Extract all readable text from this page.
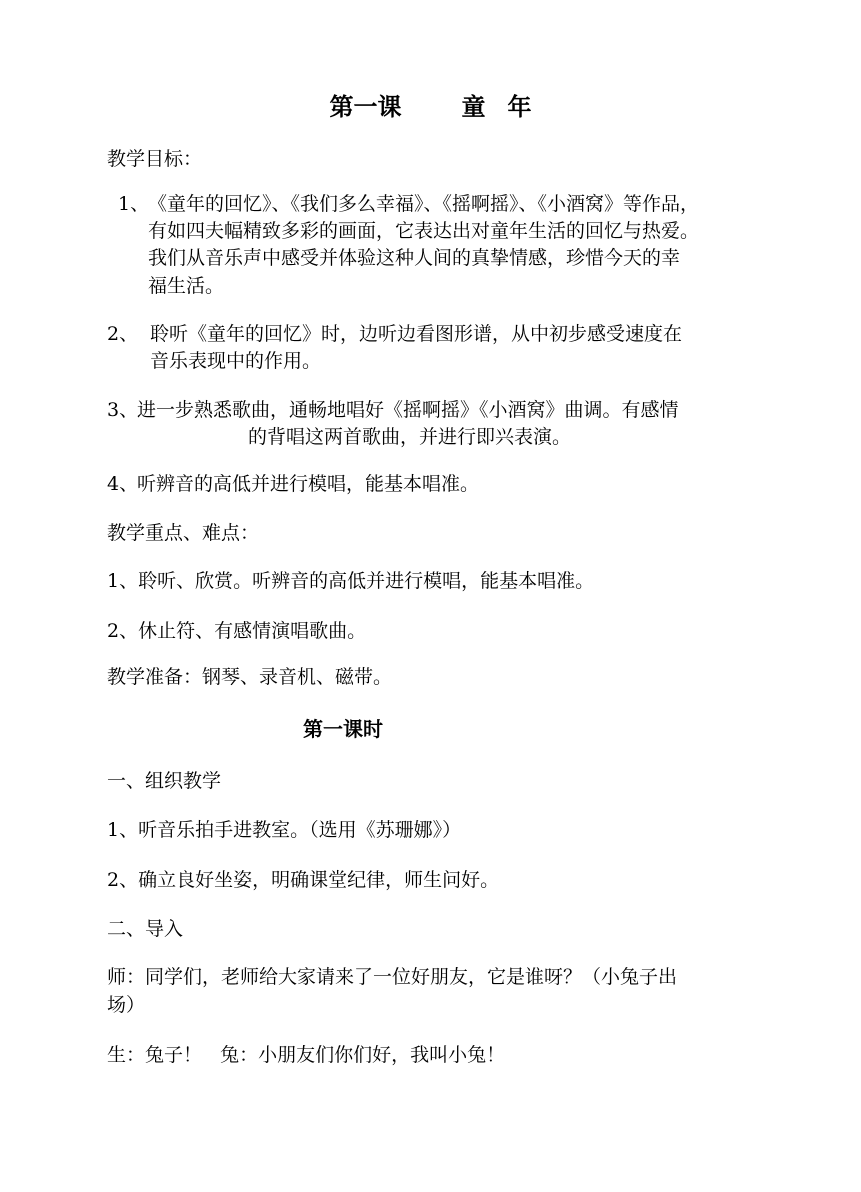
第一课	童 年
教学目标：
1、
《童年的回忆》、《我们多么幸福》、《摇啊摇》、《小酒窝》等作品，
有如四夫幅精致多彩的画面，它表达出对童年生活的回忆与热爱。
我们从音乐声中感受并体验这种人间的真挚情感，珍惜今天的幸
福生活。
2、 聆听《童年的回忆》时，边听边看图形谱，从中初步感受速度在
音乐表现中的作用。
3、
进一步熟悉歌曲，通畅地唱好《摇啊摇》《小酒窝》曲调。有感情
的背唱这两首歌曲，并进行即兴表演。
4、
听辨音的高低并进行模唱，能基本唱准。
教学重点、难点：
1、聆听、欣赏。听辨音的高低并进行模唱，能基本唱准。
2、休止符、有感情演唱歌曲。
教学准备：钢琴、录音机、磁带。
第一课时
一、组织教学
1、听音乐拍手进教室。（选用《苏珊娜》）
2、确立良好坐姿，明确课堂纪律，师生问好。
二、导入
师：同学们，老师给大家请来了一位好朋友，它是谁呀？（小兔子出
场）
生：兔子！   兔：小朋友们你们好，我叫小兔！
